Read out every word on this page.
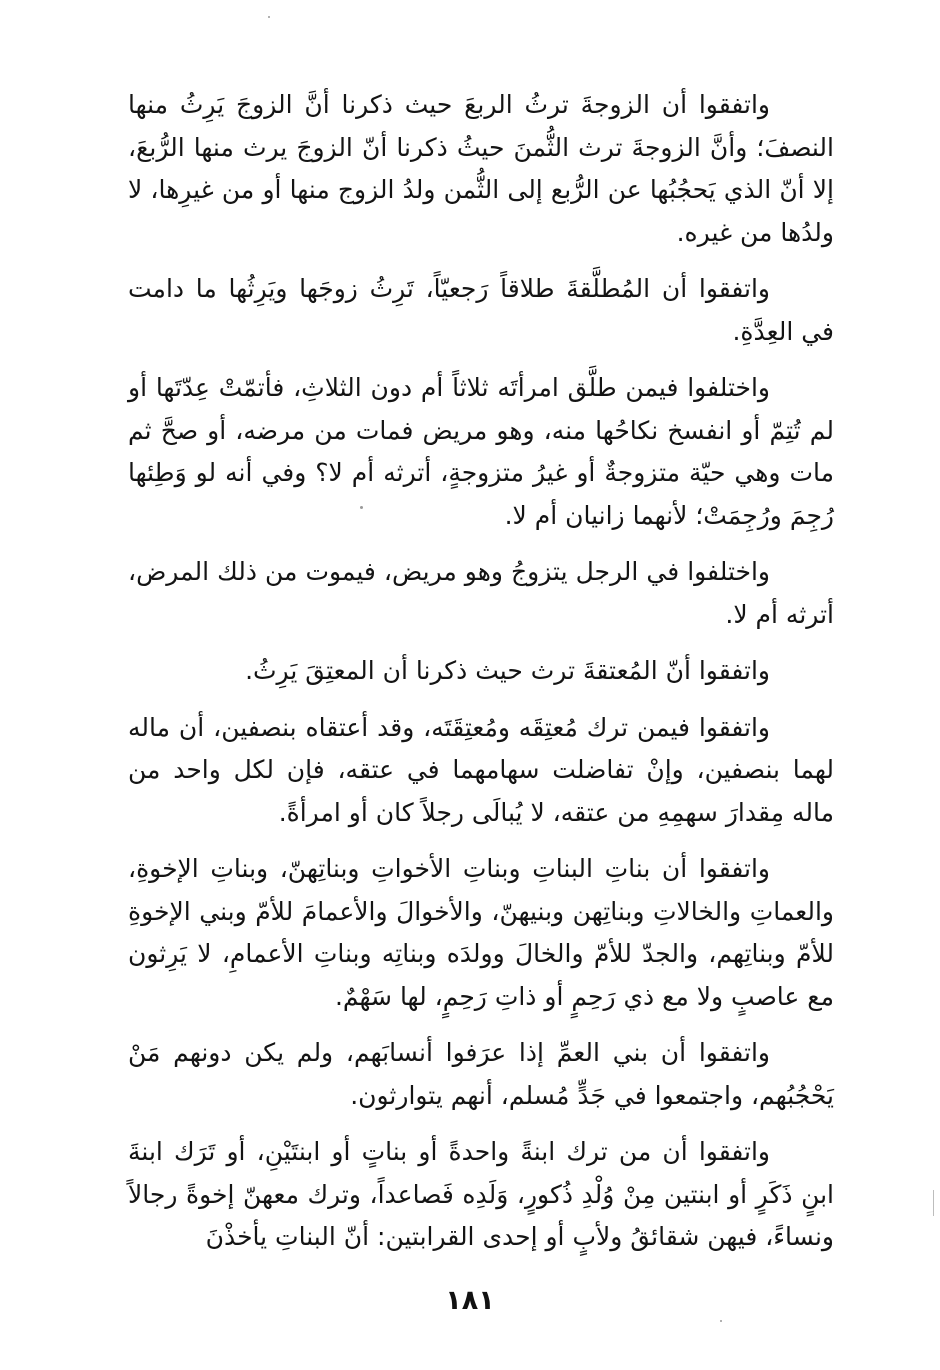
واتفقوا أن الزوجةَ ترثُ الربعَ حيث ذكرنا أنَّ الزوجَ يَرِثُ منها النصفَ؛ وأنَّ الزوجةَ ترث الثُّمنَ حيثُ ذكرنا أنّ الزوجَ يرث منها الرُّبعَ، إلا أنّ الذي يَحجُبُها عن الرُّبع إلى الثُّمن ولدُ الزوج منها أو من غيرِها، لا ولدُها من غيره.

واتفقوا أن المُطلَّقةَ طلاقاً رَجعيّاً، تَرِثُ زوجَها ويَرِثُها ما دامت في العِدَّةِ.

واختلفوا فيمن طلَّق امرأتَه ثلاثاً أم دون الثلاثِ، فأتمّتْ عِدّتَها أو لم تُتِمّ أو انفسخ نكاحُها منه، وهو مريض فمات من مرضه، أو صحَّ ثم مات وهي حيّة متزوجةٌ أو غيرُ متزوجةٍ، أترثه أم لا؟ وفي أنه لو وَطِئها رُجِمَ ورُجِمَتْ؛ لأنهما زانيان أم لا.

واختلفوا في الرجل يتزوجُ وهو مريض، فيموت من ذلك المرض، أترثه أم لا.

واتفقوا أنّ المُعتقةَ ترث حيث ذكرنا أن المعتِقَ يَرِثُ.

واتفقوا فيمن ترك مُعتِقَه ومُعتِقَتَه، وقد أعتقاه بنصفين، أن ماله لهما بنصفين، وإنْ تفاضلت سهامهما في عتقه، فإن لكل واحد من ماله مِقدارَ سهمِهِ من عتقه، لا يُبالَى رجلاً كان أو امرأةً.

واتفقوا أن بناتِ البناتِ وبناتِ الأخواتِ وبناتِهنّ، وبناتِ الإخوةِ، والعماتِ والخالاتِ وبناتِهن وبنيهنّ، والأخوالَ والأعمامَ للأمّ وبني الإخوةِ للأمّ وبناتِهم، والجدّ للأمّ والخالَ وولدَه وبناتِه وبناتِ الأعمامِ، لا يَرِثون مع عاصبٍ ولا مع ذي رَحِمٍ أو ذاتِ رَحِمٍ، لها سَهْمٌ.

واتفقوا أن بني العمِّ إذا عرَفوا أنسابَهم، ولم يكن دونهم مَنْ يَحْجُبُهم، واجتمعوا في جَدٍّ مُسلم، أنهم يتوارثون.

واتفقوا أن من ترك ابنةً واحدةً أو بناتٍ أو ابنتَيْنِ، أو تَرَك ابنةَ ابنٍ ذَكَرٍ أو ابنتين مِنْ وُلْدِ ذُكورٍ، وَلَدِه فَصاعداً، وترك معهنّ إخوةً رجالاً ونساءً، فيهن شقائقُ ولأبٍ أو إحدى القرابتين: أنّ البناتِ يأخذْنَ

١٨١
